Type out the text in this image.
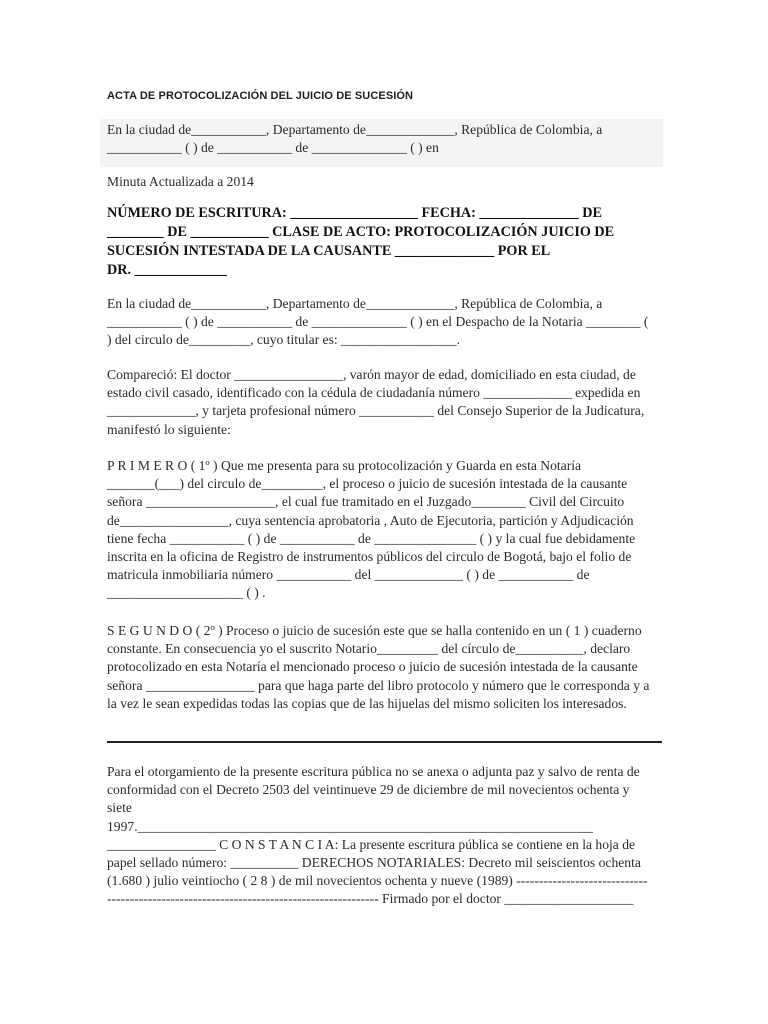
ACTA DE PROTOCOLIZACIÓN DEL JUICIO DE SUCESIÓN

En la ciudad de___________, Departamento de_____________, República de Colombia, a
___________ ( ) de ___________ de ______________ ( ) en

Minuta Actualizada a 2014

NÚMERO DE ESCRITURA: __________________ FECHA: ______________ DE
________ DE ___________ CLASE DE ACTO: PROTOCOLIZACIÓN JUICIO DE
SUCESIÓN INTESTADA DE LA CAUSANTE ______________ POR EL
DR. _____________

En la ciudad de___________, Departamento de_____________, República de Colombia, a
___________ ( ) de ___________ de ______________ ( ) en el Despacho de la Notaria ________ (
) del circulo de_________, cuyo titular es: _________________.

Compareció: El doctor ________________, varón mayor de edad, domiciliado en esta ciudad, de
estado civil casado, identificado con la cédula de ciudadanía número _____________ expedida en
_____________, y tarjeta profesional número ___________ del Consejo Superior de la Judicatura,
manifestó lo siguiente:

P R I M E R O ( 1º ) Que me presenta para su protocolización y Guarda en esta Notaría
_______(___) del circulo de_________, el proceso o juicio de sucesión intestada de la causante
señora ___________________, el cual fue tramitado en el Juzgado________ Civil del Circuito
de________________, cuya sentencia aprobatoria , Auto de Ejecutoria, partición y Adjudicación
tiene fecha ___________ ( ) de ___________ de _______________ ( ) y la cual fue debidamente
inscrita en la oficina de Registro de instrumentos públicos del circulo de Bogotá, bajo el folio de
matricula inmobiliaria número ___________ del _____________ ( ) de ___________ de
____________________ ( ) .

S E G U N D O ( 2º ) Proceso o juicio de sucesión este que se halla contenido en un ( 1 ) cuaderno
constante. En consecuencia yo el suscrito Notario_________ del círculo de__________, declaro
protocolizado en esta Notaría el mencionado proceso o juicio de sucesión intestada de la causante
señora ________________ para que haga parte del libro protocolo y número que le corresponda y a
la vez le sean expedidas todas las copias que de las hijuelas del mismo soliciten los interesados.

Para el otorgamiento de la presente escritura pública no se anexa o adjunta paz y salvo de renta de
conformidad con el Decreto 2503 del veintinueve 29 de diciembre de mil novecientos ochenta y
siete
1997.___________________________________________________________________
________________ C O N S T A N C I A: La presente escritura pública se contiene en la hoja de
papel sellado número: __________ DERECHOS NOTARIALES: Decreto mil seiscientos ochenta
(1.680 ) julio veintiocho ( 2 8 ) de mil novecientos ochenta y nueve (1989) -----------------------------
------------------------------------------------------------ Firmado por el doctor ___________________
